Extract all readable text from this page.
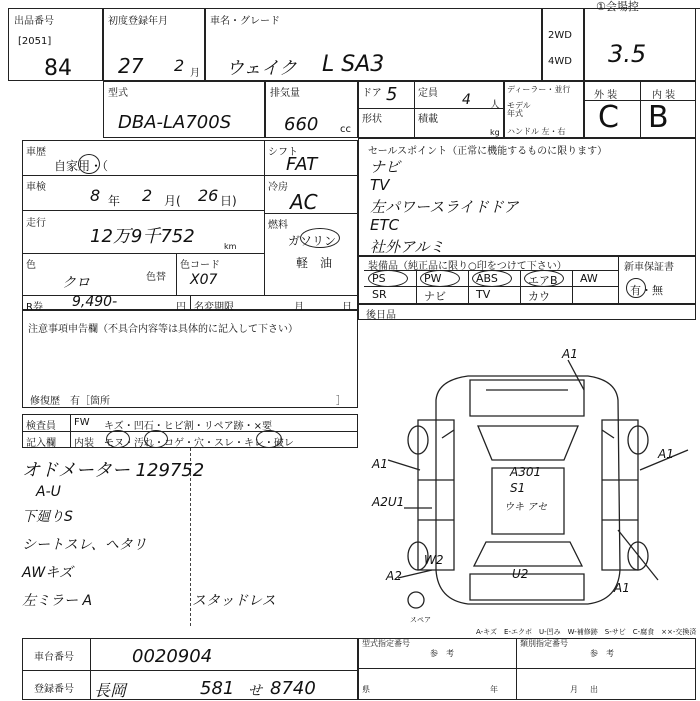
①会場控
出品番号
[2051]
84
初度登録年月
27 2 月
車名・グレード
ウェイク L SA3
2WD
4WD 3.5
型式
DBA-LA700S
排気量
660 cc
ドア 5 定員 4 人
形状	積載
kg
ディーラー・並行
モデル年式
ハンドル 左・右
外 装	内 装
C B
車歴
自家用・（
車検	8 年 2 月( 26 日)
走行
12万9千752	km
色
クロ	色替
色コード
X07
R券 9,490-	円 名変期限	月	日
シフト
FAT
冷房
AC
燃料
ガソリン
軽　油
注意事項申告欄（不具合内容等は具体的に記入して下さい）
修復歴　有［箇所	］
セールスポイント（正常に機能するものに限ります）
ナビ
TV
左パワースライドドア
ETC
社外アルミ
装備品（純正品に限り○印をつけて下さい）	新車保証書
有・無
PS	PW	ABS	エアB AW
SR	ナビ	TV	カウ
後日品
A1
A1
A1
A301
S1
ウキ アセ
A2U1
U2
A2
A1
W2
スペア
A-キズ　E-エクボ　U-凹み　W-補修跡　S-サビ　C-腐食　××-交換済
検査員
記入欄
FW キズ・凹石・ヒビ割・リペア跡・×要
内装 モヌ・汚れ・コゲ・穴・スレ・キレ・破レ
オドメーター 129752
A-U
下廻りS
シートスレ、ヘタリ
AWキズ
左ミラー A	スタッドレス
車台番号	0020904
登録番号 長岡	581 せ 8740
型式指定番号
参　考
類別指定番号
参　考
県	年	月 出
